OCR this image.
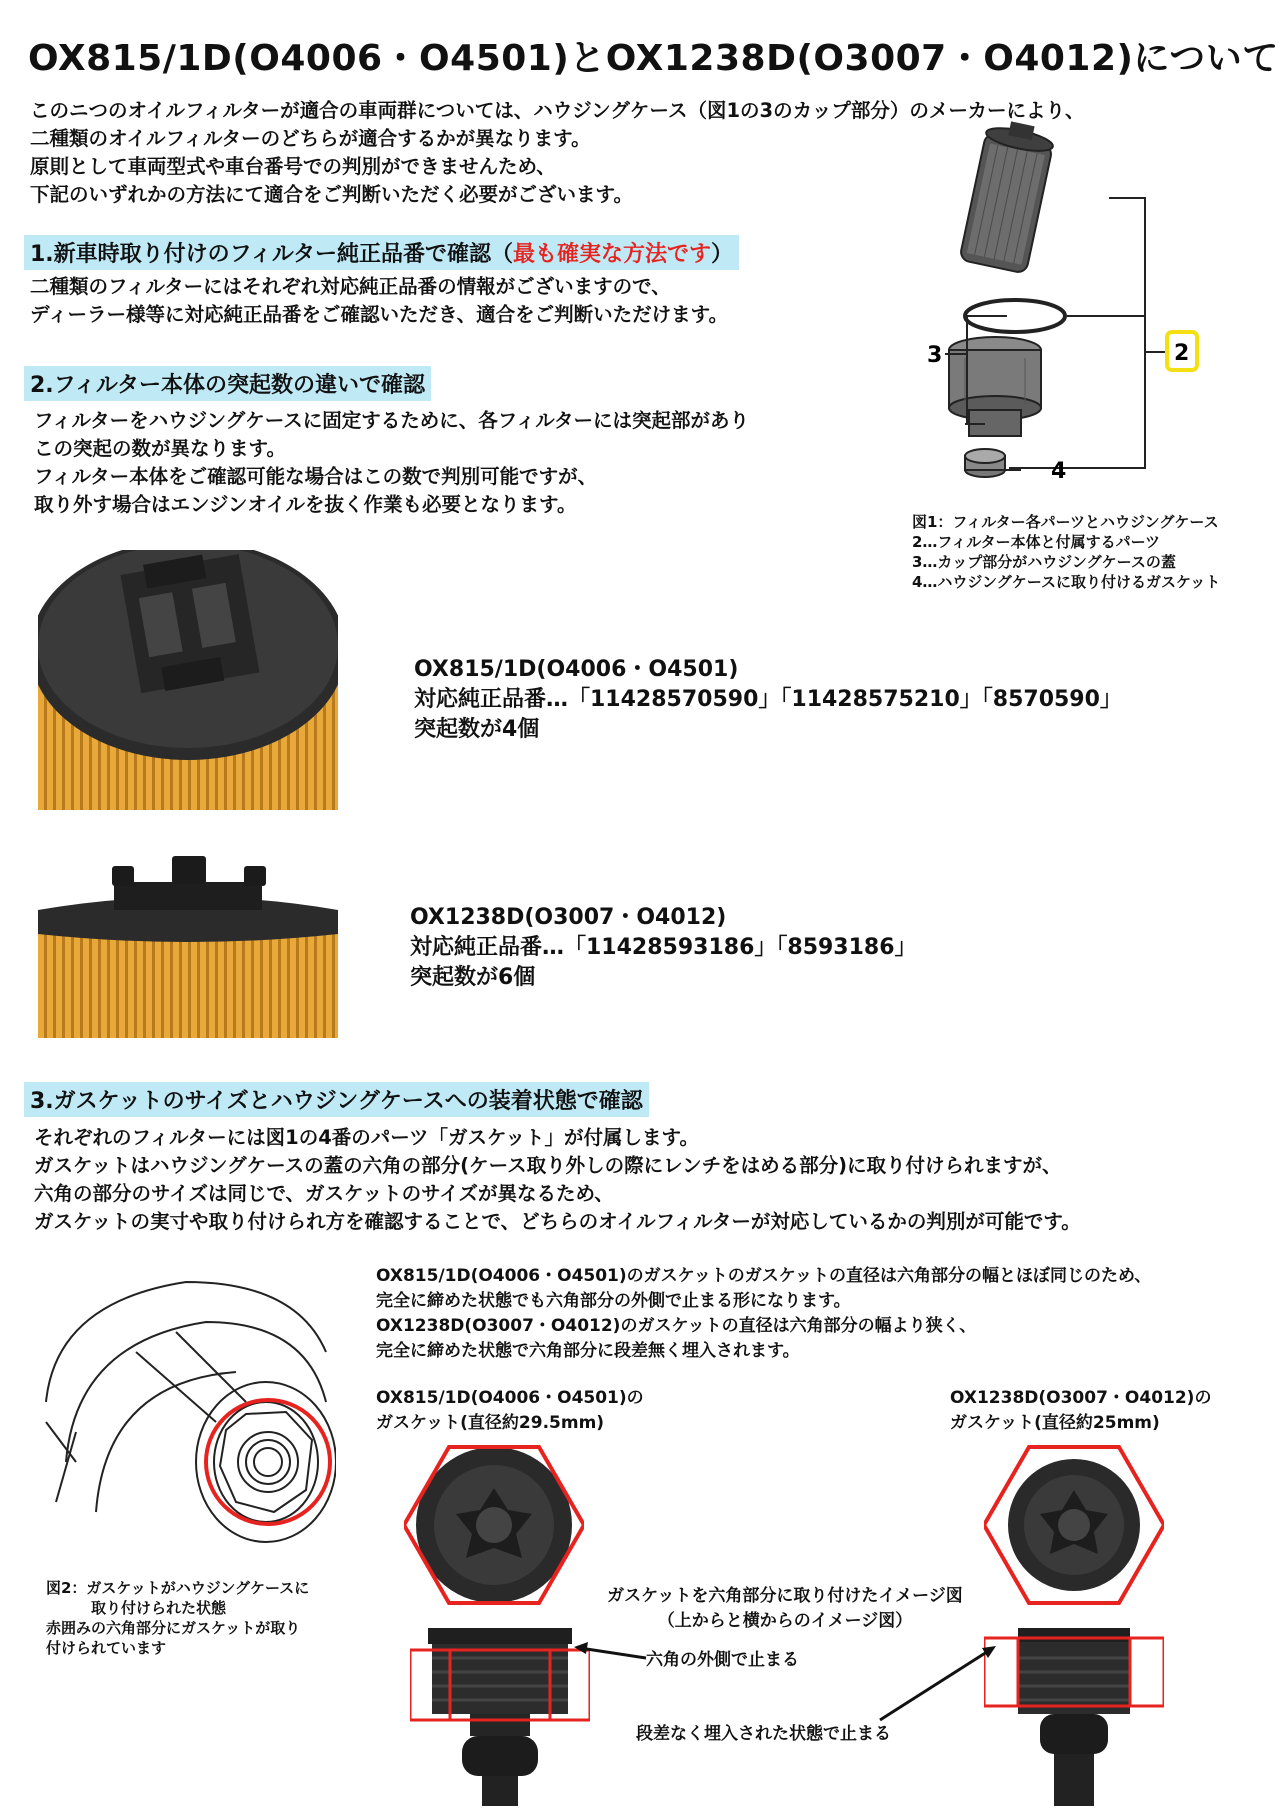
OX815/1D(O4006・O4501)とOX1238D(O3007・O4012)について
このニつのオイルフィルターが適合の車両群については、ハウジングケース（図1の3のカップ部分）のメーカーにより、
二種類のオイルフィルターのどちらが適合するかが異なります。
原則として車両型式や車台番号での判別ができませんため、
下記のいずれかの方法にて適合をご判断いただく必要がございます。
1.新車時取り付けのフィルター純正品番で確認（最も確実な方法です）
二種類のフィルターにはそれぞれ対応純正品番の情報がございますので、
ディーラー様等に対応純正品番をご確認いただき、適合をご判断いただけます。
3	2
4
図1：フィルター各パーツとハウジングケース
2…フィルター本体と付属するパーツ
3…カップ部分がハウジングケースの蓋
4…ハウジングケースに取り付けるガスケット
2.フィルター本体の突起数の違いで確認
フィルターをハウジングケースに固定するために、各フィルターには突起部があり
この突起の数が異なります。
フィルター本体をご確認可能な場合はこの数で判別可能ですが、
取り外す場合はエンジンオイルを抜く作業も必要となります。
OX815/1D(O4006・O4501)
対応純正品番…「11428570590」「11428575210」「8570590」
突起数が4個
OX1238D(O3007・O4012)
対応純正品番…「11428593186」「8593186」
突起数が6個
3.ガスケットのサイズとハウジングケースへの装着状態で確認
それぞれのフィルターには図1の4番のパーツ「ガスケット」が付属します。
ガスケットはハウジングケースの蓋の六角の部分(ケース取り外しの際にレンチをはめる部分)に取り付けられますが、
六角の部分のサイズは同じで、ガスケットのサイズが異なるため、
ガスケットの実寸や取り付けられ方を確認することで、どちらのオイルフィルターが対応しているかの判別が可能です。
OX815/1D(O4006・O4501)のガスケットのガスケットの直径は六角部分の幅とほぼ同じのため、
完全に締めた状態でも六角部分の外側で止まる形になります。
OX1238D(O3007・O4012)のガスケットの直径は六角部分の幅より狭く、
完全に締めた状態で六角部分に段差無く埋入されます。
図2：ガスケットがハウジングケースに
　　　取り付けられた状態
赤囲みの六角部分にガスケットが取り
付けられています
OX815/1D(O4006・O4501)の
ガスケット(直径約29.5mm)
OX1238D(O3007・O4012)の
ガスケット(直径約25mm)
ガスケットを六角部分に取り付けたイメージ図
（上からと横からのイメージ図）
六角の外側で止まる
段差なく埋入された状態で止まる
